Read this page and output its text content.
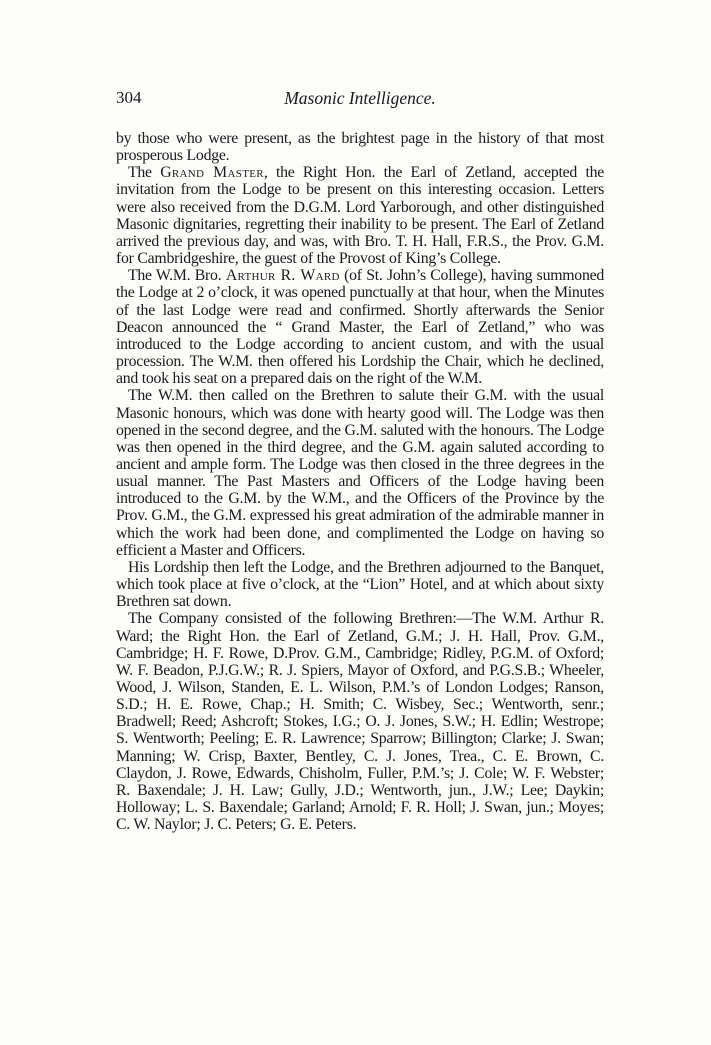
304	Masonic Intelligence.

by those who were present, as the brightest page in the history of that most prosperous Lodge.

The Grand Master, the Right Hon. the Earl of Zetland, accepted the invitation from the Lodge to be present on this interesting occasion. Letters were also received from the D.G.M. Lord Yarborough, and other distinguished Masonic dignitaries, regretting their inability to be present. The Earl of Zetland arrived the previous day, and was, with Bro. T. H. Hall, F.R.S., the Prov. G.M. for Cambridgeshire, the guest of the Provost of King’s College.

The W.M. Bro. Arthur R. Ward (of St. John’s College), having summoned the Lodge at 2 o’clock, it was opened punctually at that hour, when the Minutes of the last Lodge were read and confirmed. Shortly afterwards the Senior Deacon announced the “ Grand Master, the Earl of Zetland,” who was introduced to the Lodge according to ancient custom, and with the usual procession. The W.M. then offered his Lordship the Chair, which he declined, and took his seat on a prepared dais on the right of the W.M.

The W.M. then called on the Brethren to salute their G.M. with the usual Masonic honours, which was done with hearty good will. The Lodge was then opened in the second degree, and the G.M. saluted with the honours. The Lodge was then opened in the third degree, and the G.M. again saluted according to ancient and ample form. The Lodge was then closed in the three degrees in the usual manner. The Past Masters and Officers of the Lodge having been introduced to the G.M. by the W.M., and the Officers of the Province by the Prov. G.M., the G.M. expressed his great admiration of the admirable manner in which the work had been done, and complimented the Lodge on having so efficient a Master and Officers.

His Lordship then left the Lodge, and the Brethren adjourned to the Banquet, which took place at five o’clock, at the “Lion” Hotel, and at which about sixty Brethren sat down.

The Company consisted of the following Brethren:—The W.M. Arthur R. Ward; the Right Hon. the Earl of Zetland, G.M.; J. H. Hall, Prov. G.M., Cambridge; H. F. Rowe, D.Prov. G.M., Cambridge; Ridley, P.G.M. of Oxford; W. F. Beadon, P.J.G.W.; R. J. Spiers, Mayor of Oxford, and P.G.S.B.; Wheeler, Wood, J. Wilson, Standen, E. L. Wilson, P.M.’s of London Lodges; Ranson, S.D.; H. E. Rowe, Chap.; H. Smith; C. Wisbey, Sec.; Wentworth, senr.; Bradwell; Reed; Ashcroft; Stokes, I.G.; O. J. Jones, S.W.; H. Edlin; Westrope; S. Wentworth; Peeling; E. R. Lawrence; Sparrow; Billington; Clarke; J. Swan; Manning; W. Crisp, Baxter, Bentley, C. J. Jones, Trea., C. E. Brown, C. Claydon, J. Rowe, Edwards, Chisholm, Fuller, P.M.’s; J. Cole; W. F. Webster; R. Baxendale; J. H. Law; Gully, J.D.; Wentworth, jun., J.W.; Lee; Daykin; Holloway; L. S. Baxendale; Garland; Arnold; F. R. Holl; J. Swan, jun.; Moyes; C. W. Naylor; J. C. Peters; G. E. Peters.
